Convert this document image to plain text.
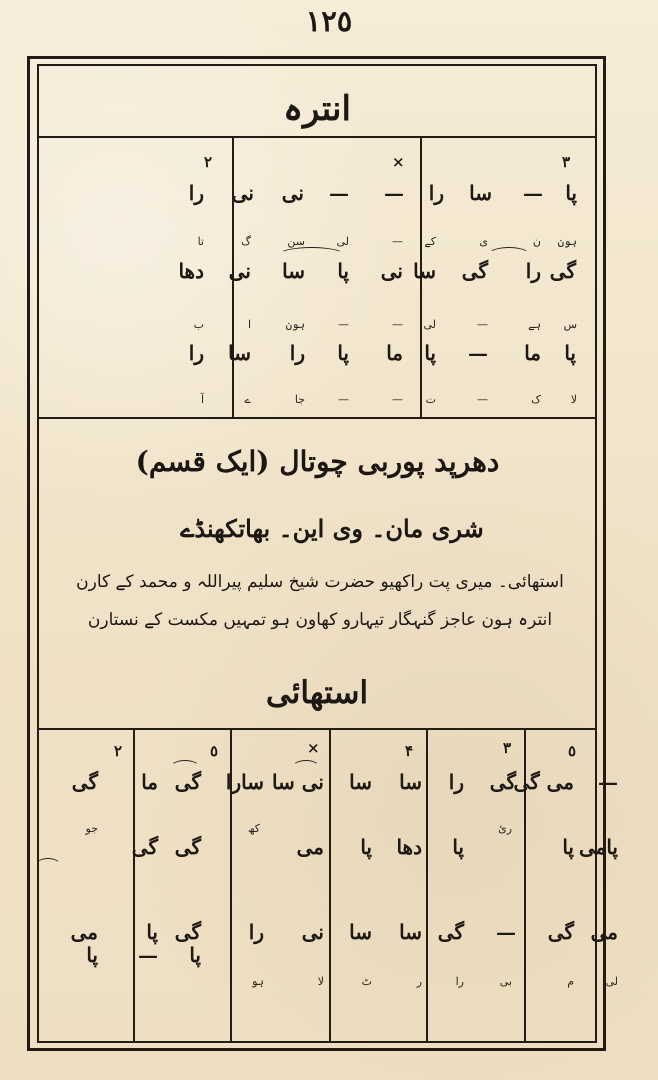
١٢٥
انترہ
٣
×
٢
پا
—
سا
را
—
—
نی
نی
را
ہون
ن
ی
کے
—
لی
سن
گ
تا
گی
را
گی
سا
نی
پا
سا
نی
دھا
س
ہے
—
لی
—
—
ہون
ا
ب
پا
ما
—
پا
ما
پا
را
سا
را
لا
ک
—
ت
—
—
جا
ے
آ
دھرپد پوربی چوتال (ایک قسم)
شری مان۔ وی این۔ بھاتکھنڈے
استھائی۔ میری پت راکھیو حضرت شیخ سلیم پیراللہ و محمد کے کارن
انترہ ہون عاجز گنہگار تیہارو کھاون ہو تمہیں مکست کے نستارن
استھائی
٥
٣
۴
×
٥
٢
—
می گی
گی
را
سا
سا
نی سا
سارا
گی
ما
گی
پامی
پا
رئ
پا
دھا
پا
می
کھ
گی
گی
جو
می
گی
—
گی
سا
سا
نی
را
گی
پا
می
لی
م
بی
را
ر
ٹ
لا
ہو
پا
—
پا
